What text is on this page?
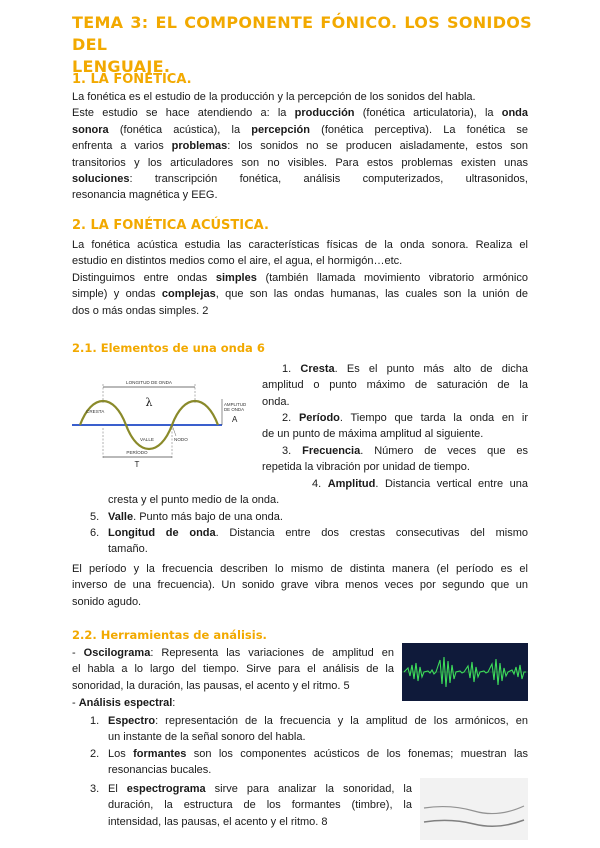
TEMA 3: EL COMPONENTE FÓNICO. LOS SONIDOS DEL
LENGUAJE.
1. LA FONÉTICA.
La fonética es el estudio de la producción y la percepción de los sonidos del habla.
Este estudio se hace atendiendo a: la producción (fonética articulatoria), la onda
sonora (fonética acústica), la percepción (fonética perceptiva). La fonética se
enfrenta a varios problemas: los sonidos no se producen aisladamente, estos son
transitorios y los articuladores son no visibles. Para estos problemas existen unas
soluciones: transcripción fonética, análisis computerizados, ultrasonidos,
resonancia magnética y EEG.
2. LA FONÉTICA ACÚSTICA.
La fonética acústica estudia las características físicas de la onda sonora. Realiza el
estudio en distintos medios como el aire, el agua, el hormigón…etc.
Distinguimos entre ondas simples (también llamada movimiento vibratorio armónico
simple) y ondas complejas, que son las ondas humanas, las cuales son la unión de
dos o más ondas simples. 2
2.1. Elementos de una onda 6
LONGITUD DE ONDA
λ
CRESTA
VALLE	NODO
AMPLITUD
DE ONDA
A
PERÍODO
T
1. Cresta. Es el punto más alto de dicha
amplitud o punto máximo de saturación de la
onda.
2. Período. Tiempo que tarda la onda en ir
de un punto de máxima amplitud al siguiente.
3. Frecuencia. Número de veces que es
repetida la vibración por unidad de tiempo.
4. Amplitud. Distancia vertical entre una
cresta y el punto medio de la onda.
5. Valle. Punto más bajo de una onda.
6. Longitud de onda. Distancia entre dos crestas consecutivas del mismo
tamaño.
El período y la frecuencia describen lo mismo de distinta manera (el período es el
inverso de una frecuencia). Un sonido grave vibra menos veces por segundo que un
sonido agudo.
2.2. Herramientas de análisis.
- Oscilograma: Representa las variaciones de amplitud en
el habla a lo largo del tiempo. Sirve para el análisis de la
sonoridad, la duración, las pausas, el acento y el ritmo. 5
- Análisis espectral:
1. Espectro: representación de la frecuencia y la amplitud de los armónicos, en
un instante de la señal sonoro del habla.
2. Los formantes son los componentes acústicos de los fonemas; muestran las
resonancias bucales.
3. El espectrograma sirve para analizar la sonoridad, la
duración, la estructura de los formantes (timbre), la
intensidad, las pausas, el acento y el ritmo. 8
